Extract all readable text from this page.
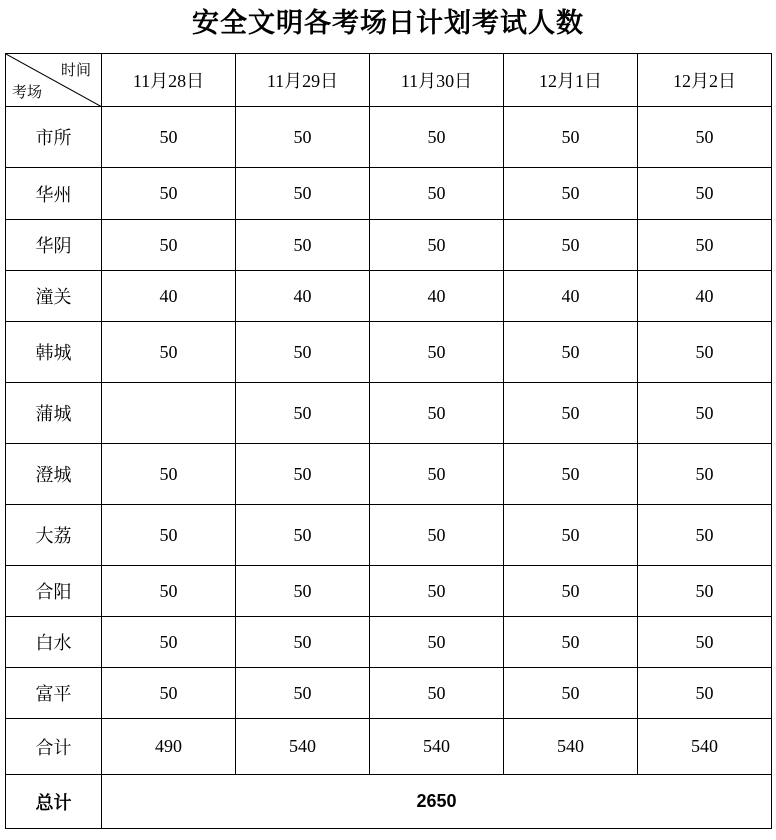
安全文明各考场日计划考试人数
时间
考场	11月28日	11月29日	11月30日	12月1日	12月2日
市所	50	50	50	50	50
华州	50	50	50	50	50
华阴	50	50	50	50	50
潼关	40	40	40	40	40
韩城	50	50	50	50	50
蒲城		50	50	50	50
澄城	50	50	50	50	50
大荔	50	50	50	50	50
合阳	50	50	50	50	50
白水	50	50	50	50	50
富平	50	50	50	50	50
合计	490	540	540	540	540
总计	2650				
